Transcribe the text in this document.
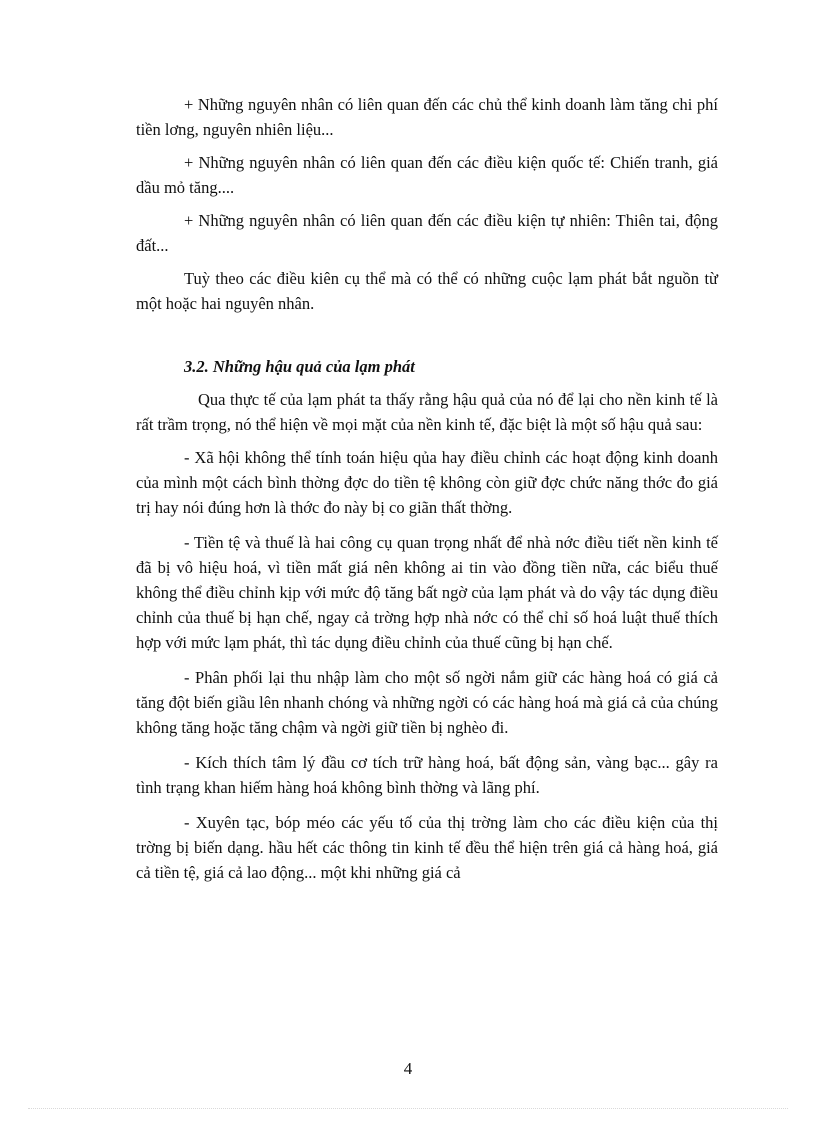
+ Những nguyên nhân có liên quan đến các chủ thể kinh doanh làm tăng chi phí tiền lơng, nguyên nhiên liệu...

+ Những nguyên nhân có liên quan đến các điều kiện quốc tế: Chiến tranh, giá dầu mỏ tăng....

+ Những nguyên nhân có liên quan đến các điều kiện tự nhiên: Thiên tai, động đất...

Tuỳ theo các điều kiên cụ thể mà có thể có những cuộc lạm phát bắt nguồn từ một hoặc hai nguyên nhân.

3.2. Những hậu quả của lạm phát

Qua thực tế của lạm phát ta thấy rằng hậu quả của nó để lại cho nền kinh tế là rất trầm trọng, nó thể hiện về mọi mặt của nền kinh tế, đặc biệt là một số hậu quả sau:

- Xã hội không thể tính toán hiệu qủa hay điều chỉnh các hoạt động kinh doanh của mình một cách bình thờng đợc do tiền tệ không còn giữ đợc chức năng thớc đo giá trị hay nói đúng hơn là thớc đo này bị co giãn thất thờng.

- Tiền tệ và thuế là hai công cụ quan trọng nhất để nhà nớc điều tiết nền kinh tế đã bị vô hiệu hoá, vì tiền mất giá nên không ai tin vào đồng tiền nữa, các biểu thuế không thể điều chỉnh kịp với mức độ tăng bất ngờ của lạm phát và do vậy tác dụng điều chỉnh của thuế bị hạn chế, ngay cả trờng hợp nhà nớc có thể chỉ số hoá luật thuế thích hợp với mức lạm phát, thì tác dụng điều chỉnh của thuế cũng bị hạn chế.

- Phân phối lại thu nhập làm cho một số ngời nắm giữ các hàng hoá có giá cả tăng đột biến giầu lên nhanh chóng và những ngời có các hàng hoá mà giá cả của chúng không tăng hoặc tăng chậm và ngời giữ tiền bị nghèo đi.

- Kích thích tâm lý đầu cơ tích trữ hàng hoá, bất động sản, vàng bạc... gây ra tình trạng khan hiếm hàng hoá không bình thờng và lãng phí.

- Xuyên tạc, bóp méo các yếu tố của thị trờng làm cho các điều kiện của thị trờng bị biến dạng. hầu hết các thông tin kinh tế đều thể hiện trên giá cả hàng hoá, giá cả tiền tệ, giá cả lao động... một khi những giá cả

4
